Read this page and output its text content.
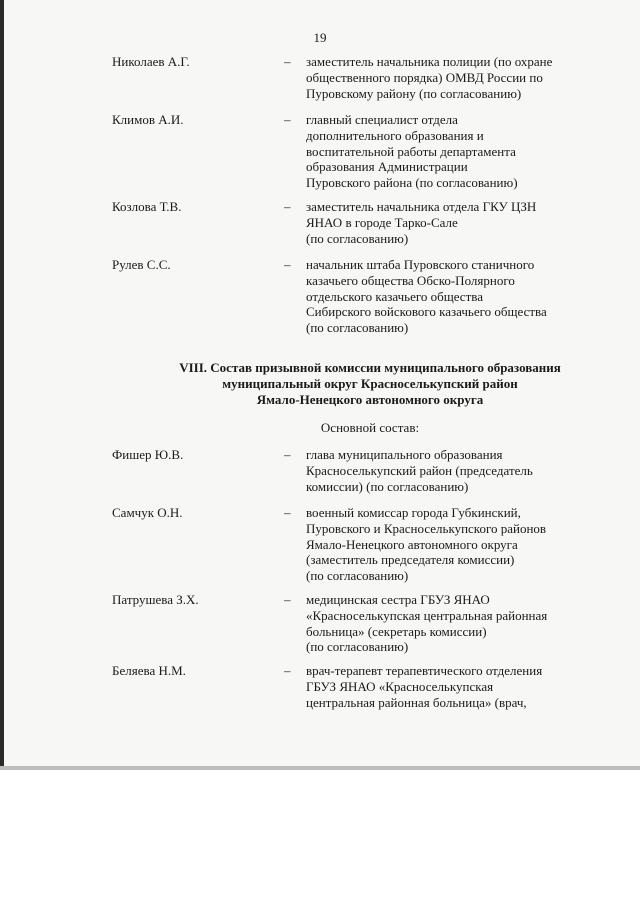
19
Николаев А.Г.	– заместитель начальника полиции (по охране
общественного порядка) ОМВД России по
Пуровскому району (по согласованию)
Климов А.И.	– главный специалист отдела
дополнительного образования и
воспитательной работы департамента
образования Администрации
Пуровского района (по согласованию)
Козлова Т.В.	– заместитель начальника отдела ГКУ ЦЗН
ЯНАО в городе Тарко-Сале
(по согласованию)
Рулев С.С.	– начальник штаба Пуровского станичного
казачьего общества Обско-Полярного
отдельского казачьего общества
Сибирского войскового казачьего общества
(по согласованию)
VIII. Состав призывной комиссии муниципального образования
муниципальный округ Красноселькупский район
Ямало-Ненецкого автономного округа
Основной состав:
Фишер Ю.В.	– глава муниципального образования
Красноселькупский район (председатель
комиссии) (по согласованию)
Самчук О.Н.	– военный комиссар города Губкинский,
Пуровского и Красноселькупского районов
Ямало-Ненецкого автономного округа
(заместитель председателя комиссии)
(по согласованию)
Патрушева З.Х.	– медицинская сестра ГБУЗ ЯНАО
«Красноселькупская центральная районная
больница» (секретарь комиссии)
(по согласованию)
Беляева Н.М.	– врач-терапевт терапевтического отделения
ГБУЗ ЯНАО «Красноселькупская
центральная районная больница» (врач,
